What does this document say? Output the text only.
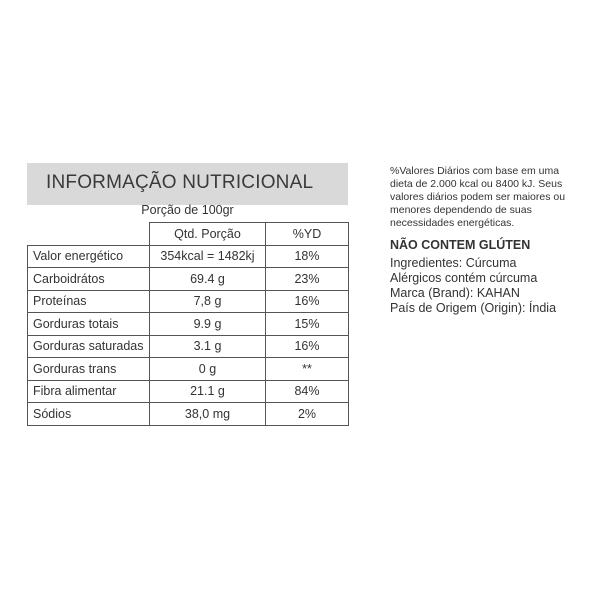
INFORMAÇÃO NUTRICIONAL
Porção de 100gr
	Qtd. Porção	%YD
Valor energético	354kcal = 1482kj	18%
Carboidrátos	69.4 g	23%
Proteínas	7,8 g	16%
Gorduras totais	9.9 g	15%
Gorduras saturadas	3.1 g	16%
Gorduras trans	0 g	**
Fibra alimentar	21.1 g	84%
Sódios	38,0 mg	2%
%Valores Diários com base em uma dieta de 2.000 kcal ou 8400 kJ. Seus valores diários podem ser maiores ou menores dependendo de suas necessidades energéticas.
NÃO CONTEM GLÚTEN
Ingredientes: Cúrcuma
Alérgicos contém cúrcuma
Marca (Brand): KAHAN
País de Origem (Origin): Índia
